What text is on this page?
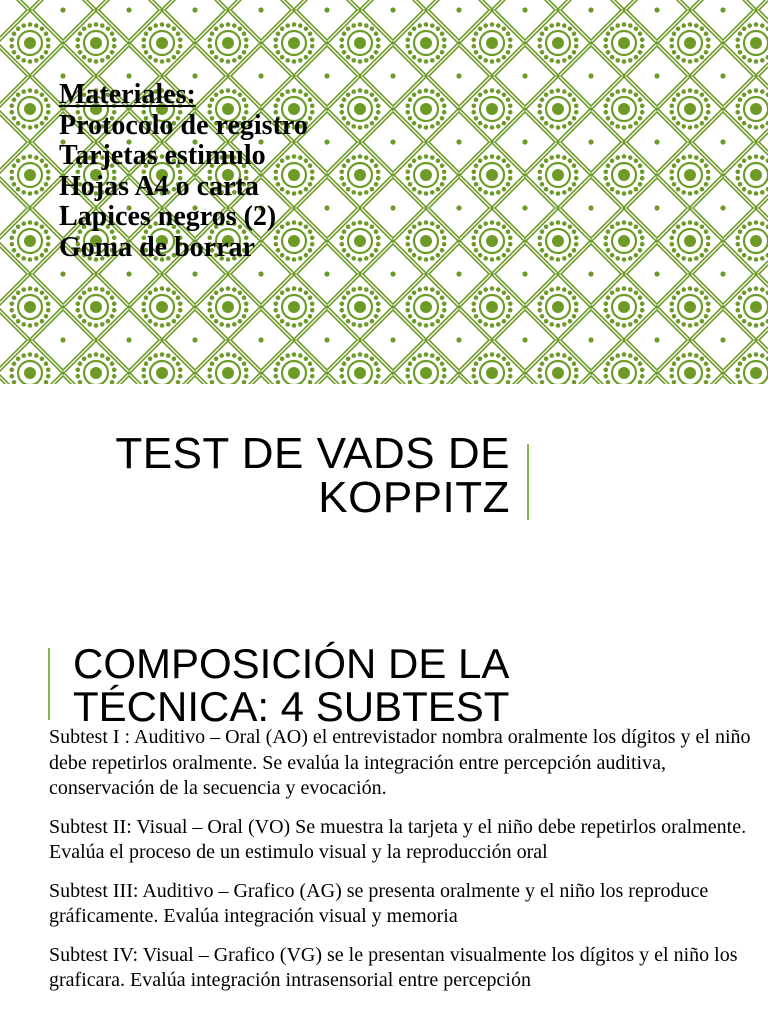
Materiales:
Protocolo de registro
Tarjetas estimulo
Hojas A4 o carta
Lapices negros (2)
Goma de borrar
TEST DE VADS DE
KOPPITZ
COMPOSICIÓN DE LA
TÉCNICA: 4 SUBTEST

Subtest I : Auditivo – Oral (AO) el entrevistador nombra oralmente los dígitos y el niño debe repetirlos oralmente. Se evalúa la integración entre percepción auditiva, conservación de la secuencia y evocación.

Subtest II: Visual – Oral (VO) Se muestra la tarjeta y el niño debe repetirlos oralmente. Evalúa el proceso de un estimulo visual y la reproducción oral

Subtest III: Auditivo – Grafico (AG) se presenta oralmente y el niño los reproduce gráficamente. Evalúa integración visual y memoria

Subtest IV: Visual – Grafico (VG) se le presentan visualmente los dígitos y el niño los graficara. Evalúa integración intrasensorial entre percepción
